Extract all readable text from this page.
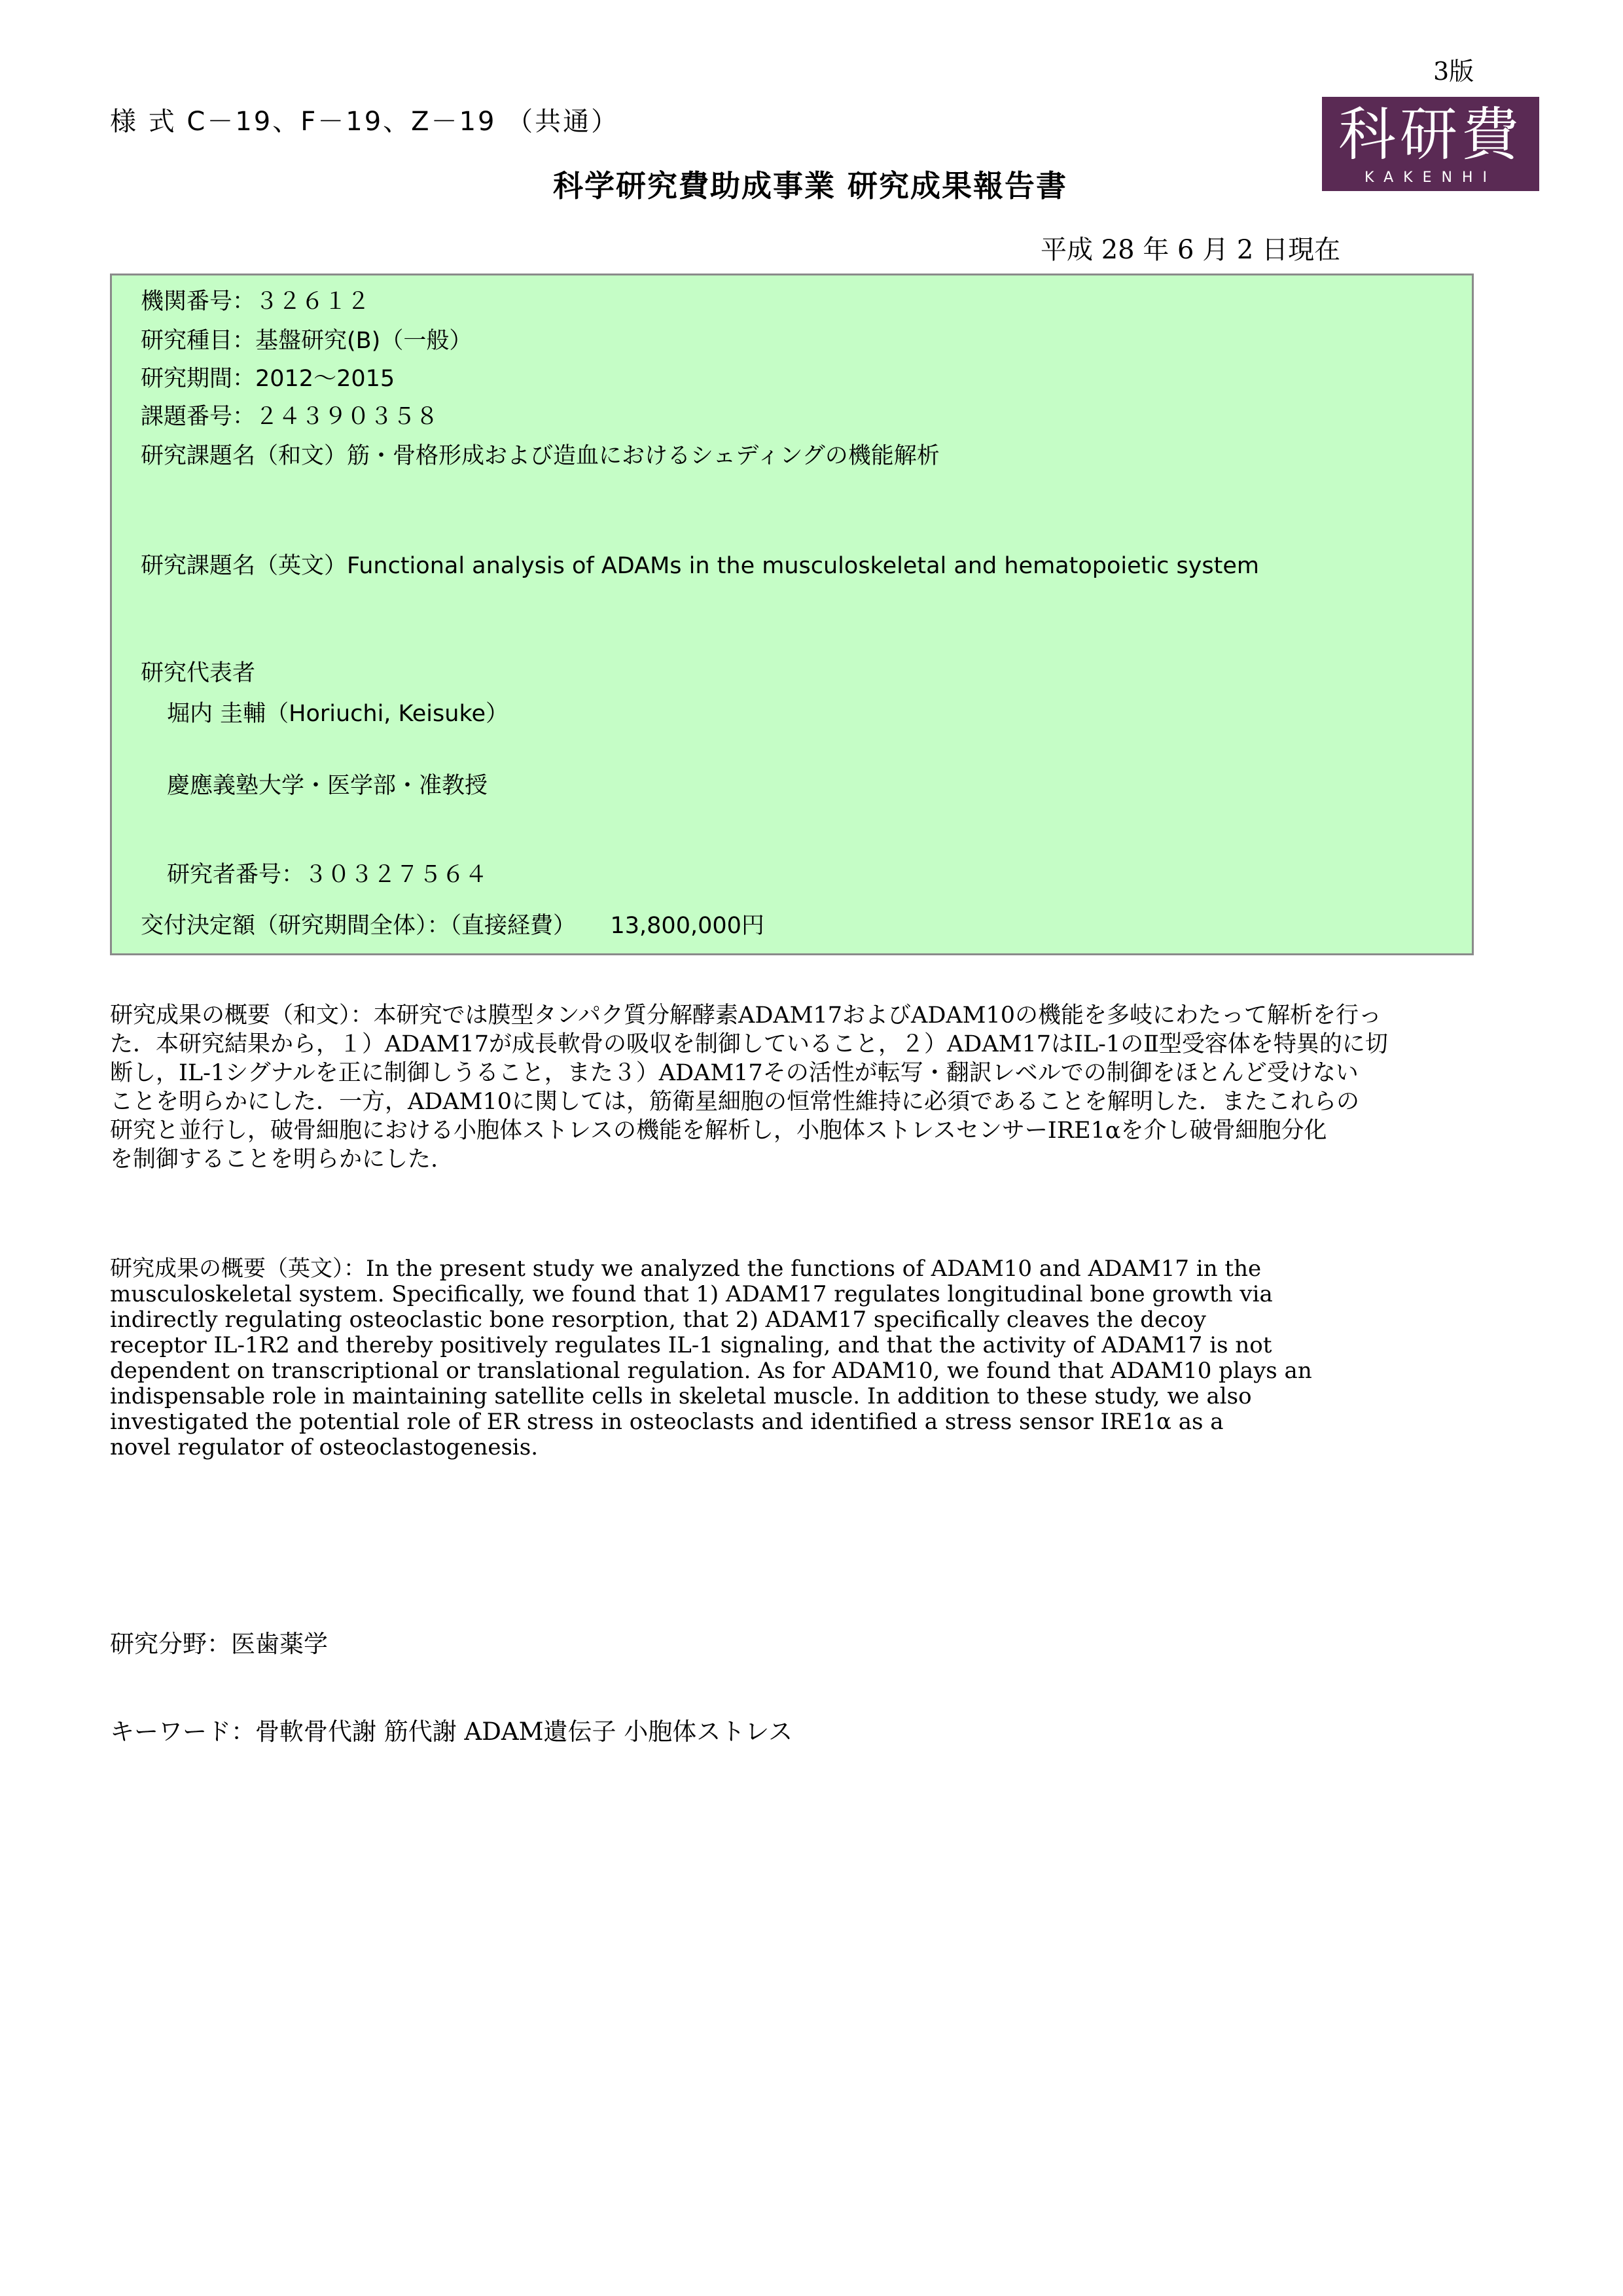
3版
様 式 C－19、F－19、Z－19 （共通）
科学研究費助成事業 研究成果報告書
科研費
KAKENHI
平成 28 年 6 月 2 日現在
機関番号：３２６１２
研究種目：基盤研究(B)（一般）
研究期間：2012～2015
課題番号：２４３９０３５８
研究課題名（和文）筋・骨格形成および造血におけるシェディングの機能解析
研究課題名（英文）Functional analysis of ADAMs in the musculoskeletal and hematopoietic system
研究代表者
堀内 圭輔（Horiuchi, Keisuke）
慶應義塾大学・医学部・准教授
研究者番号：３０３２７５６４
交付決定額（研究期間全体）：（直接経費）　　13,800,000円
研究成果の概要（和文）：本研究では膜型タンパク質分解酵素ADAM17およびADAM10の機能を多岐にわたって解析を行っ
た．本研究結果から，１）ADAM17が成長軟骨の吸収を制御していること，２）ADAM17はIL-1のⅡ型受容体を特異的に切
断し，IL-1シグナルを正に制御しうること，また３）ADAM17その活性が転写・翻訳レベルでの制御をほとんど受けない
ことを明らかにした．一方，ADAM10に関しては，筋衛星細胞の恒常性維持に必須であることを解明した．またこれらの
研究と並行し，破骨細胞における小胞体ストレスの機能を解析し，小胞体ストレスセンサーIRE1αを介し破骨細胞分化
を制御することを明らかにした.
研究成果の概要（英文）：In the present study we analyzed the functions of ADAM10 and ADAM17 in the
musculoskeletal system. Specifically, we found that 1) ADAM17 regulates longitudinal bone growth via
indirectly regulating osteoclastic bone resorption, that 2) ADAM17 specifically cleaves the decoy
receptor IL-1R2 and thereby positively regulates IL-1 signaling, and that the activity of ADAM17 is not
dependent on transcriptional or translational regulation. As for ADAM10, we found that ADAM10 plays an
indispensable role in maintaining satellite cells in skeletal muscle. In addition to these study, we also
investigated the potential role of ER stress in osteoclasts and identified a stress sensor IRE1α as a
novel regulator of osteoclastogenesis.
研究分野：医歯薬学
キーワード：骨軟骨代謝 筋代謝 ADAM遺伝子 小胞体ストレス
